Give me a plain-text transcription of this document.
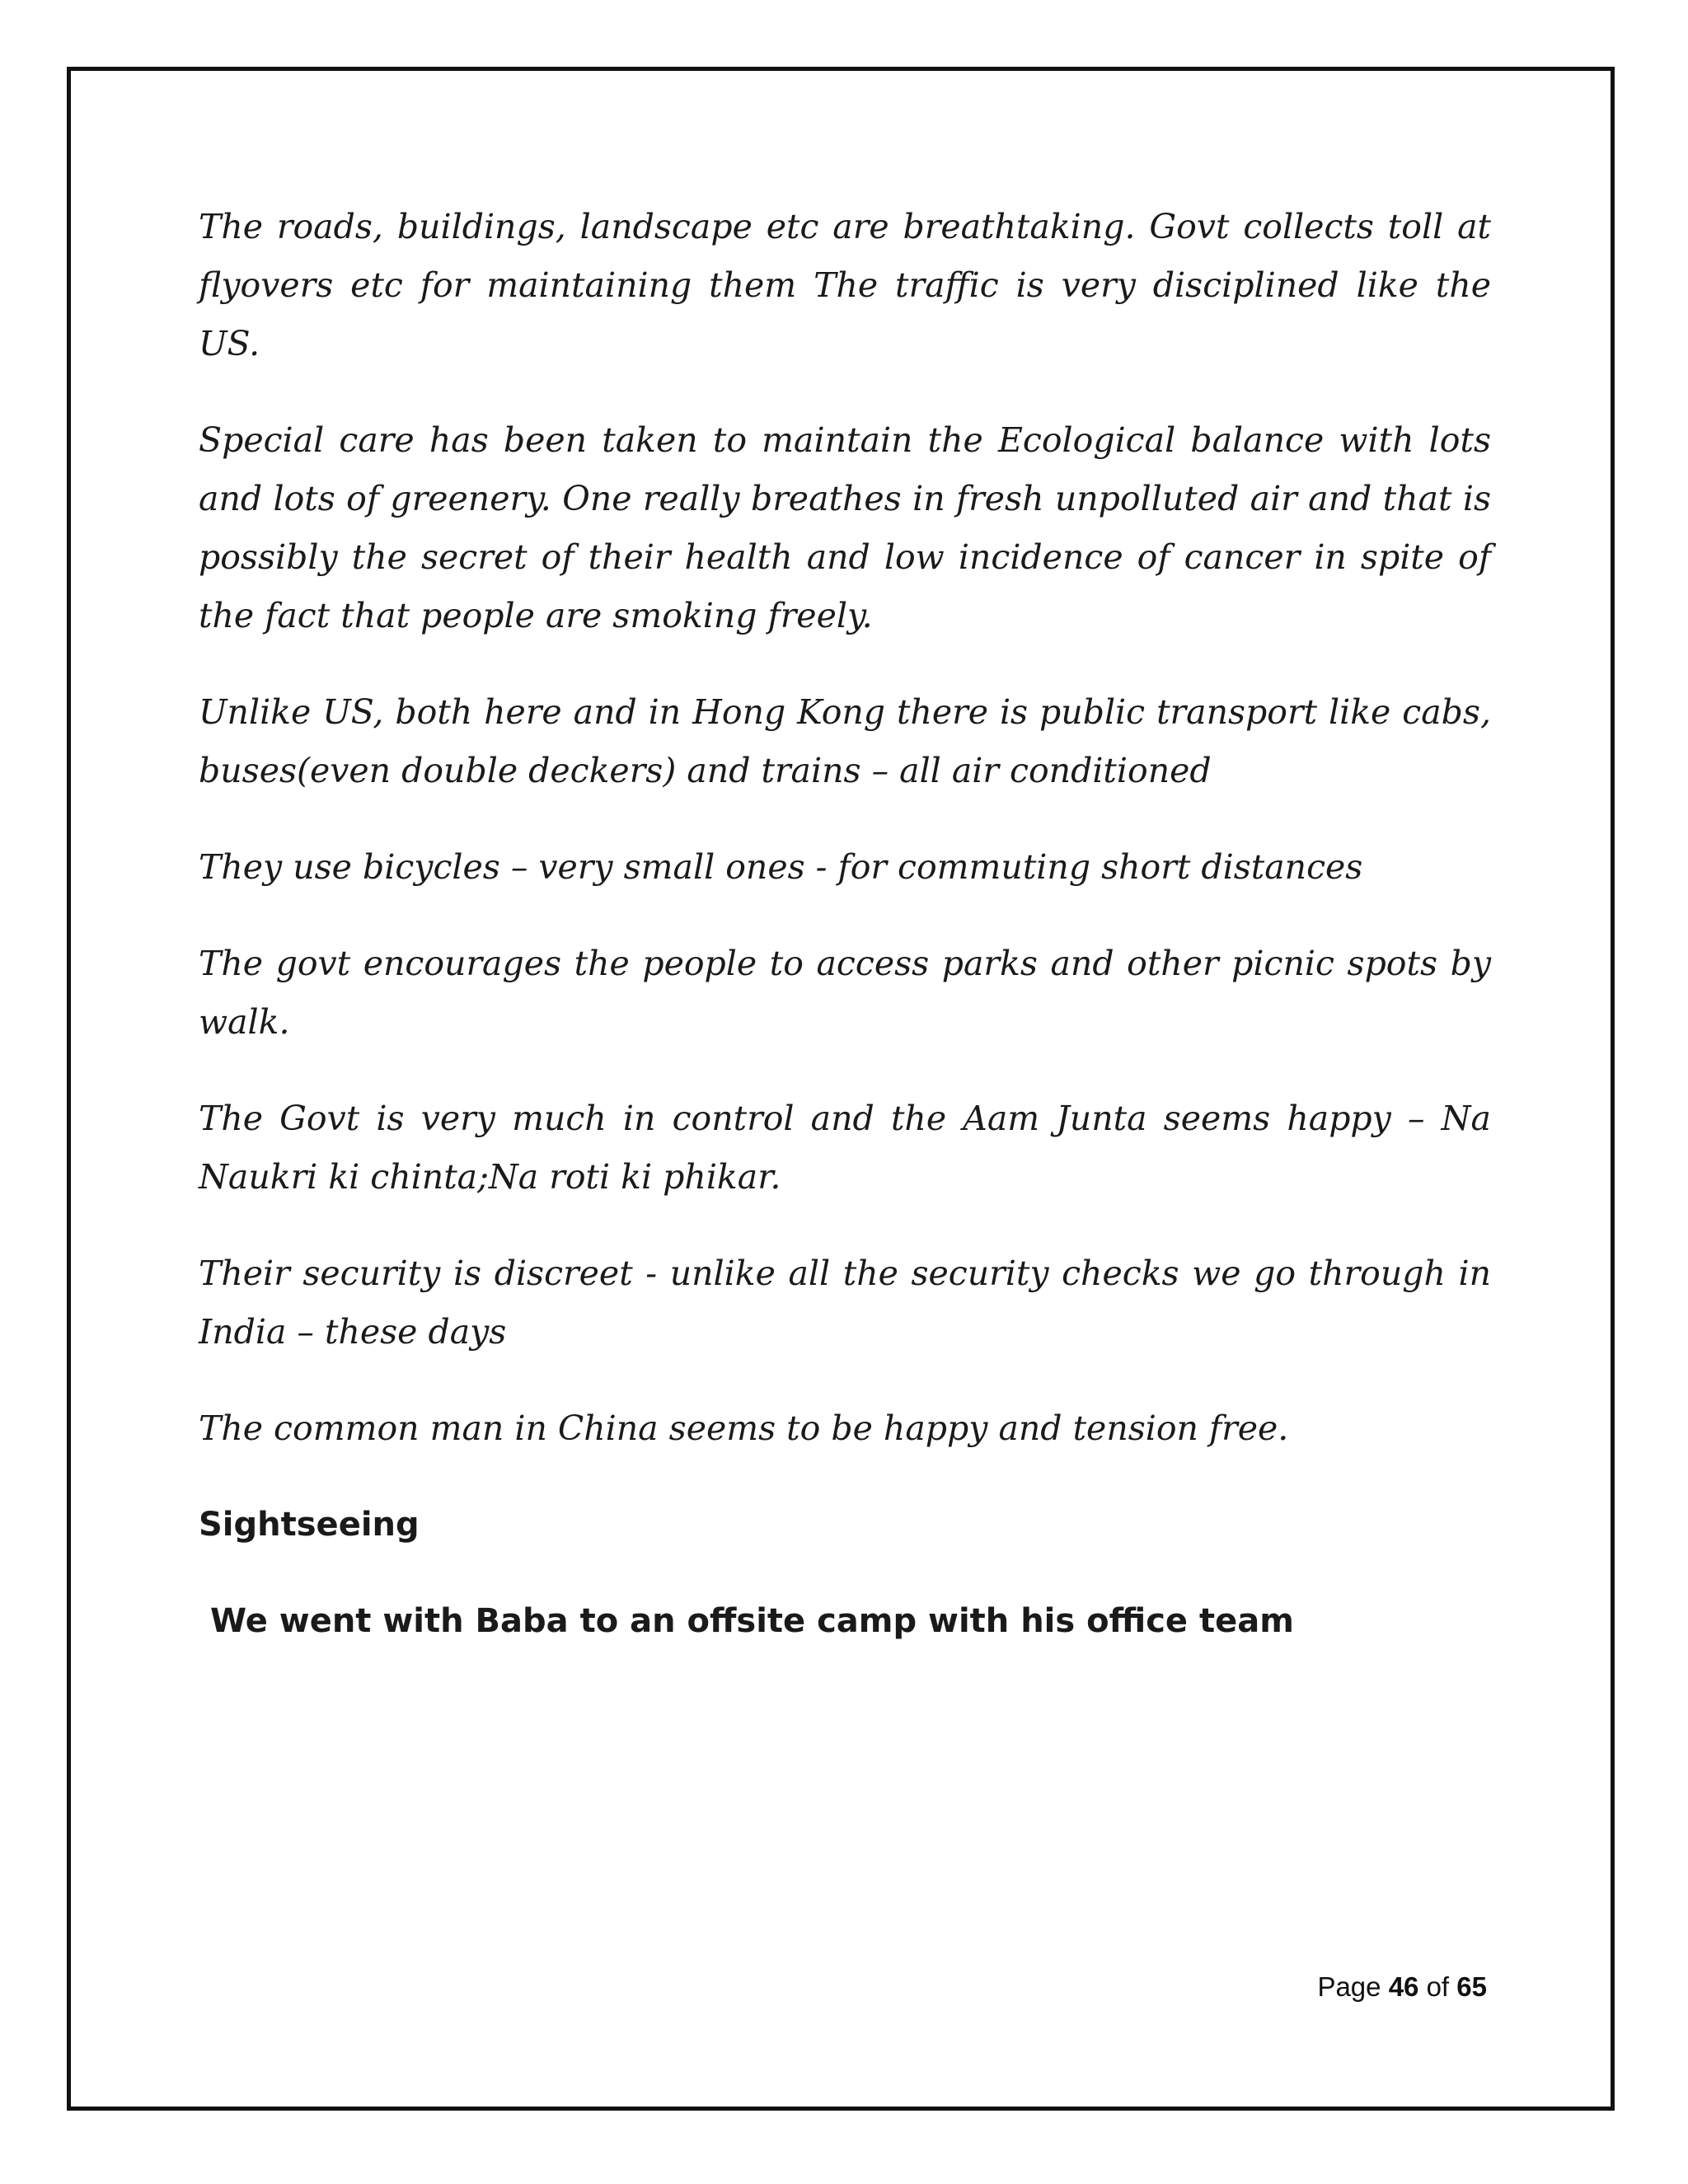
The roads, buildings, landscape etc are breathtaking. Govt collects toll at flyovers etc for maintaining them The traffic is very disciplined like the US.

Special care has been taken to maintain the Ecological balance with lots and lots of greenery. One really breathes in fresh unpolluted air and that is possibly the secret of their health and low incidence of cancer in spite of the fact that people are smoking freely.

Unlike US, both here and in Hong Kong there is public transport like cabs, buses(even double deckers) and trains – all air conditioned

They use bicycles – very small ones - for commuting short distances

The govt encourages the people to access parks and other picnic spots by walk.

The Govt is very much in control and the Aam Junta seems happy – Na Naukri ki chinta;Na roti ki phikar.

Their security is discreet - unlike all the security checks we go through in India – these days

The common man in China seems to be happy and tension free.

Sightseeing

We went with Baba to an offsite camp with his office team

Page 46 of 65
